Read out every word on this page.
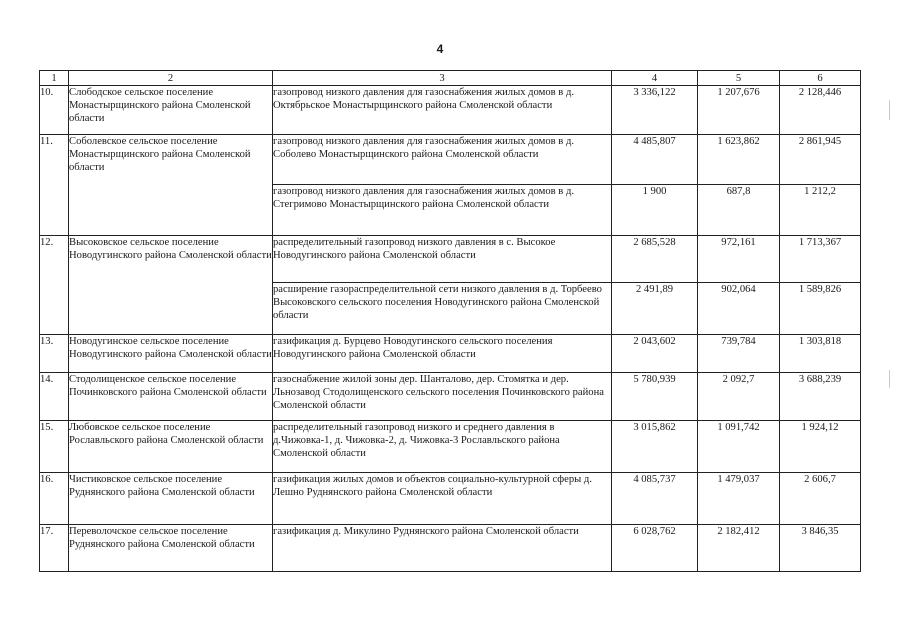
4
1	2	3	4	5	6
10.	Слободское сельское поселение Монастырщинского района Смоленской области	газопровод низкого давления для газоснабжения жилых домов в д. Октябрьское Монастырщинского района Смоленской области	3 336,122	1 207,676	2 128,446
11.	Соболевское сельское поселение Монастырщинского района Смоленской области	газопровод низкого давления для газоснабжения жилых домов в д. Соболево Монастырщинского района Смоленской области	4 485,807	1 623,862	2 861,945
		газопровод низкого давления для газоснабжения жилых домов в д. Стегримово Монастырщинского района Смоленской области	1 900	687,8	1 212,2
12.	Высоковское сельское поселение Новодугинского района Смоленской области	распределительный газопровод низкого давления в с. Высокое Новодугинского района Смоленской области	2 685,528	972,161	1 713,367
		расширение газораспределительной сети низкого давления в д. Торбеево Высоковского сельского поселения Новодугинского района Смоленской области	2 491,89	902,064	1 589,826
13.	Новодугинское сельское поселение Новодугинского района Смоленской области	газификация д. Бурцево Новодугинского сельского поселения Новодугинского района Смоленской области	2 043,602	739,784	1 303,818
14.	Стодолищенское сельское поселение Починковского района Смоленской области	газоснабжение жилой зоны дер. Шанталово, дер. Стомятка и дер. Льнозавод Стодолищенского сельского поселения Починковского района Смоленской области	5 780,939	2 092,7	3 688,239
15.	Любовское сельское поселение Рославльского района Смоленской области	распределительный газопровод низкого и среднего давления в д.Чижовка-1, д. Чижовка-2, д. Чижовка-3 Рославльского района Смоленской области	3 015,862	1 091,742	1 924,12
16.	Чистиковское сельское поселение Руднянского района Смоленской области	газификация жилых домов и объектов социально-культурной сферы д. Лешно Руднянского района Смоленской области	4 085,737	1 479,037	2 606,7
17.	Переволочское сельское поселение Руднянского района Смоленской области	газификация д. Микулино Руднянского района Смоленской области	6 028,762	2 182,412	3 846,35
